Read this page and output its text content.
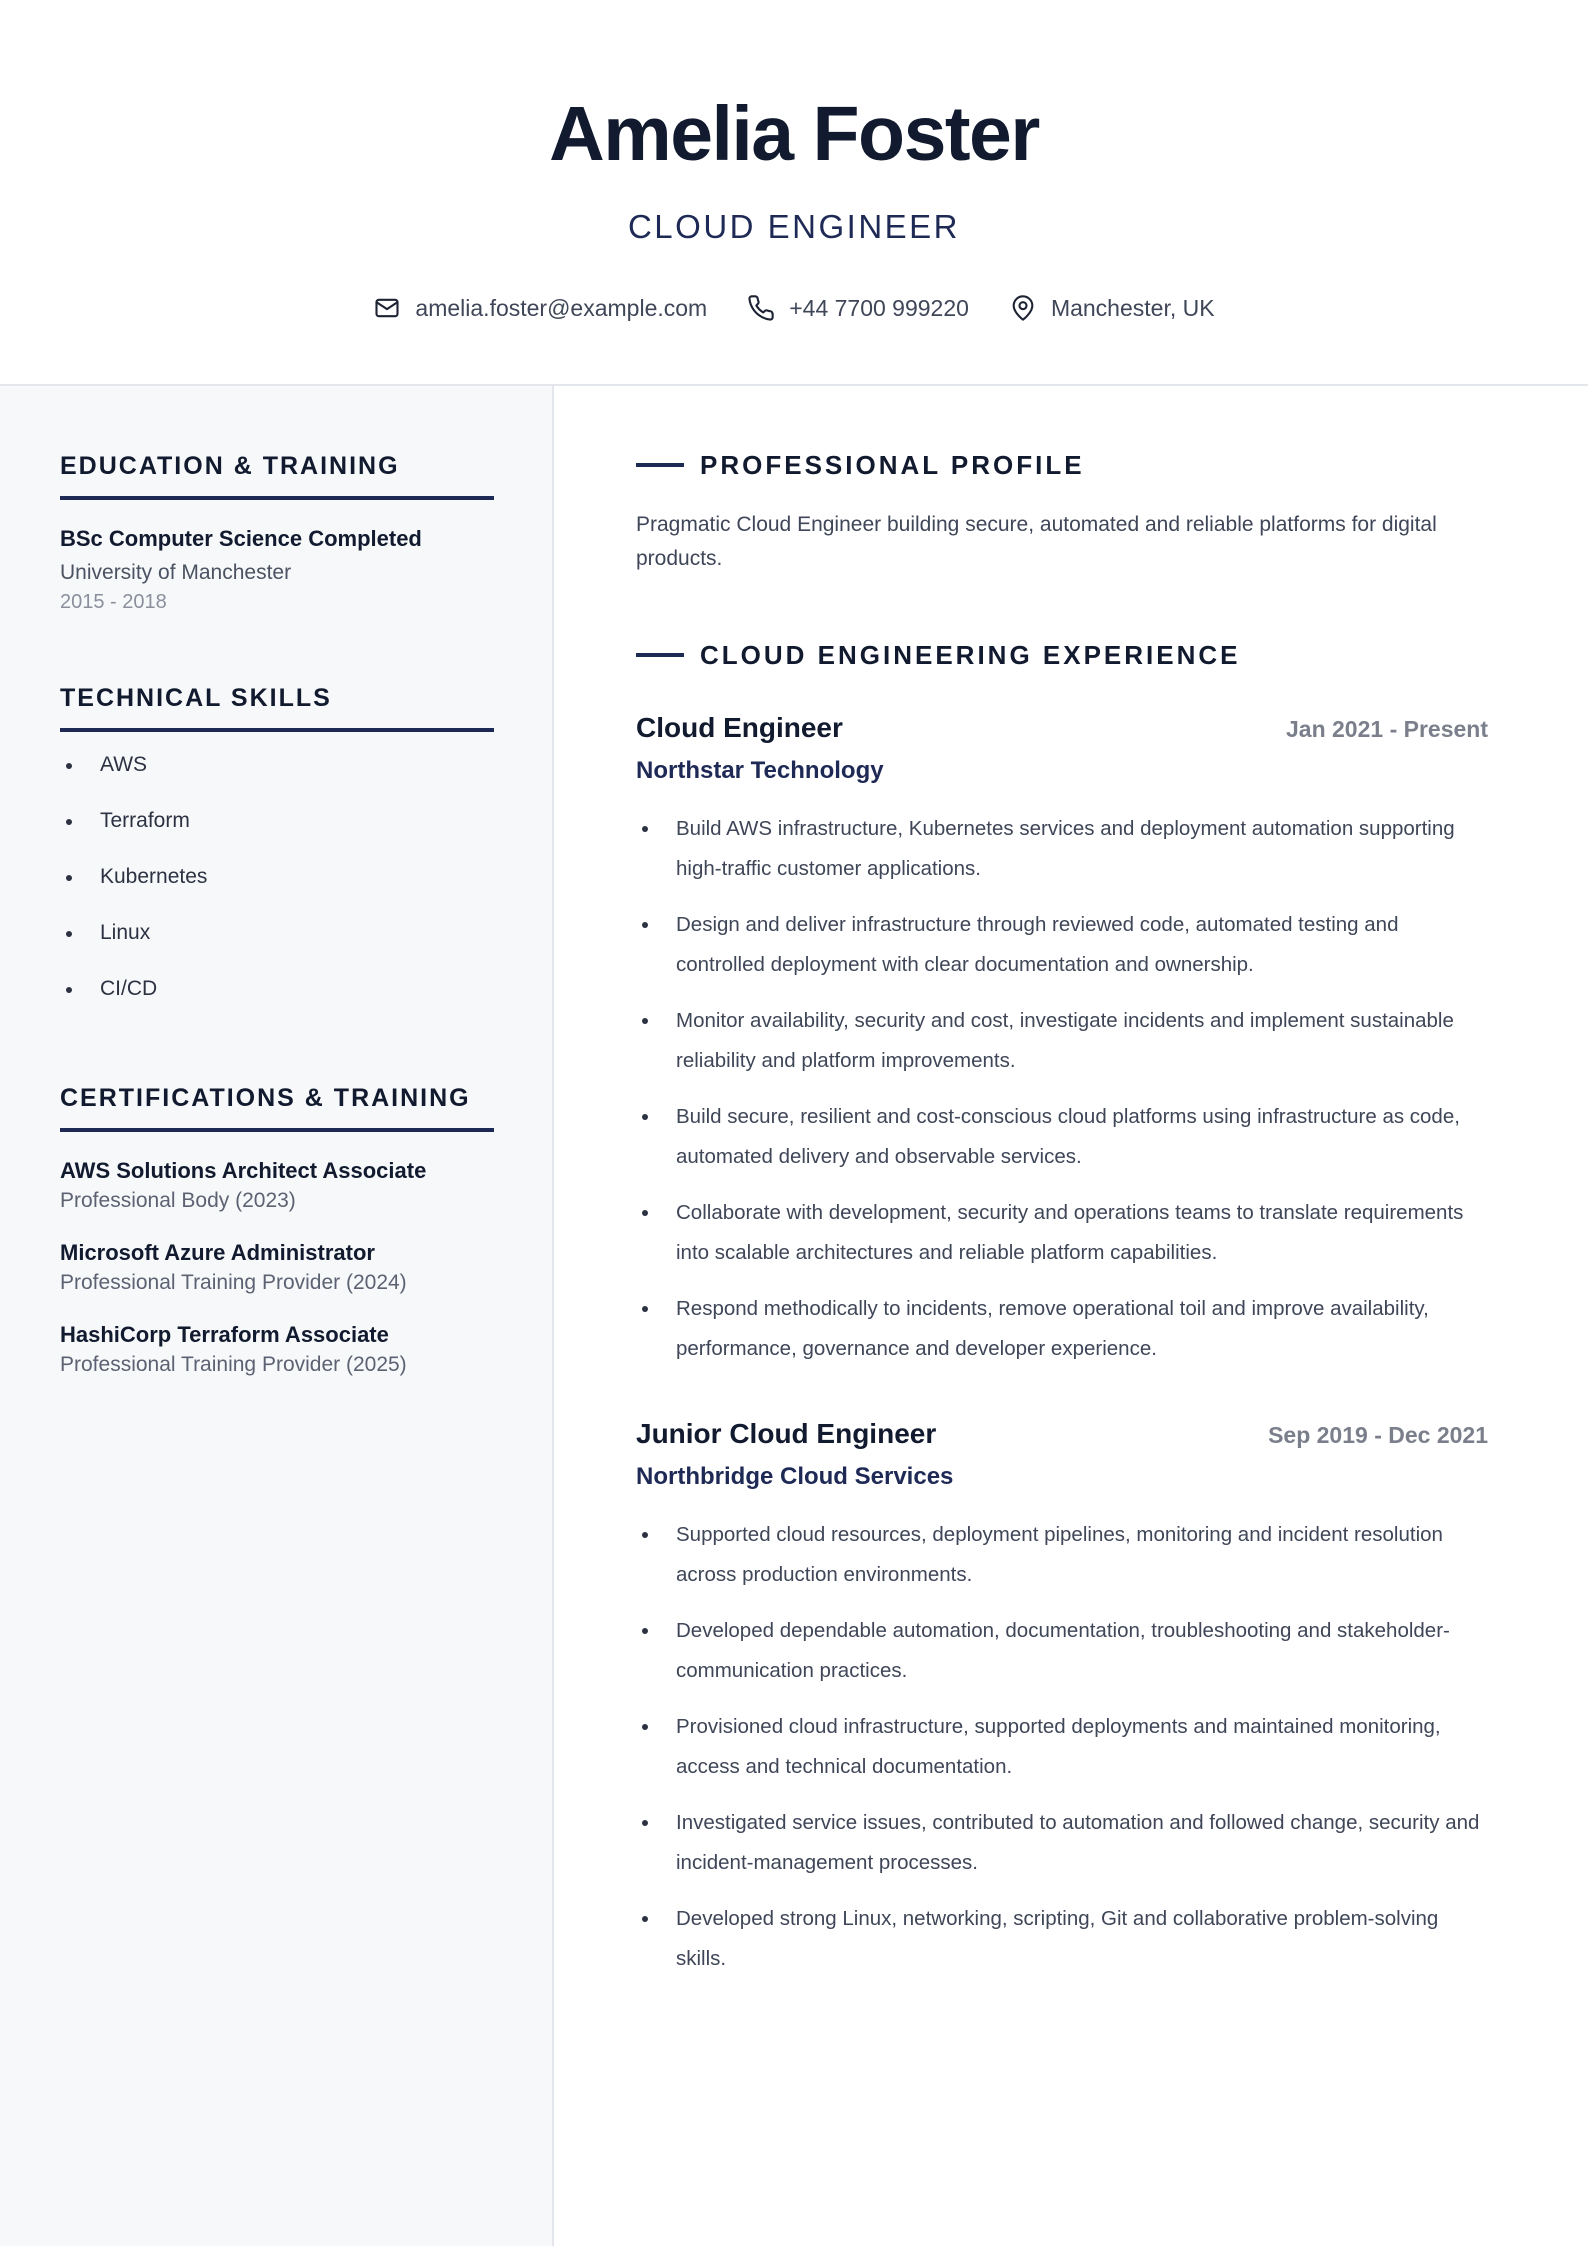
Amelia Foster
CLOUD ENGINEER
amelia.foster@example.com	+44 7700 999220	Manchester, UK
EDUCATION & TRAINING
BSc Computer Science Completed
University of Manchester
2015 - 2018
TECHNICAL SKILLS
AWS
Terraform
Kubernetes
Linux
CI/CD
CERTIFICATIONS & TRAINING
AWS Solutions Architect Associate
Professional Body (2023)
Microsoft Azure Administrator
Professional Training Provider (2024)
HashiCorp Terraform Associate
Professional Training Provider (2025)
PROFESSIONAL PROFILE
Pragmatic Cloud Engineer building secure, automated and reliable platforms for digital products.
CLOUD ENGINEERING EXPERIENCE
Cloud Engineer	Jan 2021 - Present
Northstar Technology
Build AWS infrastructure, Kubernetes services and deployment automation supporting high-traffic customer applications.
Design and deliver infrastructure through reviewed code, automated testing and controlled deployment with clear documentation and ownership.
Monitor availability, security and cost, investigate incidents and implement sustainable reliability and platform improvements.
Build secure, resilient and cost-conscious cloud platforms using infrastructure as code, automated delivery and observable services.
Collaborate with development, security and operations teams to translate requirements into scalable architectures and reliable platform capabilities.
Respond methodically to incidents, remove operational toil and improve availability, performance, governance and developer experience.
Junior Cloud Engineer	Sep 2019 - Dec 2021
Northbridge Cloud Services
Supported cloud resources, deployment pipelines, monitoring and incident resolution across production environments.
Developed dependable automation, documentation, troubleshooting and stakeholder-communication practices.
Provisioned cloud infrastructure, supported deployments and maintained monitoring, access and technical documentation.
Investigated service issues, contributed to automation and followed change, security and incident-management processes.
Developed strong Linux, networking, scripting, Git and collaborative problem-solving skills.
